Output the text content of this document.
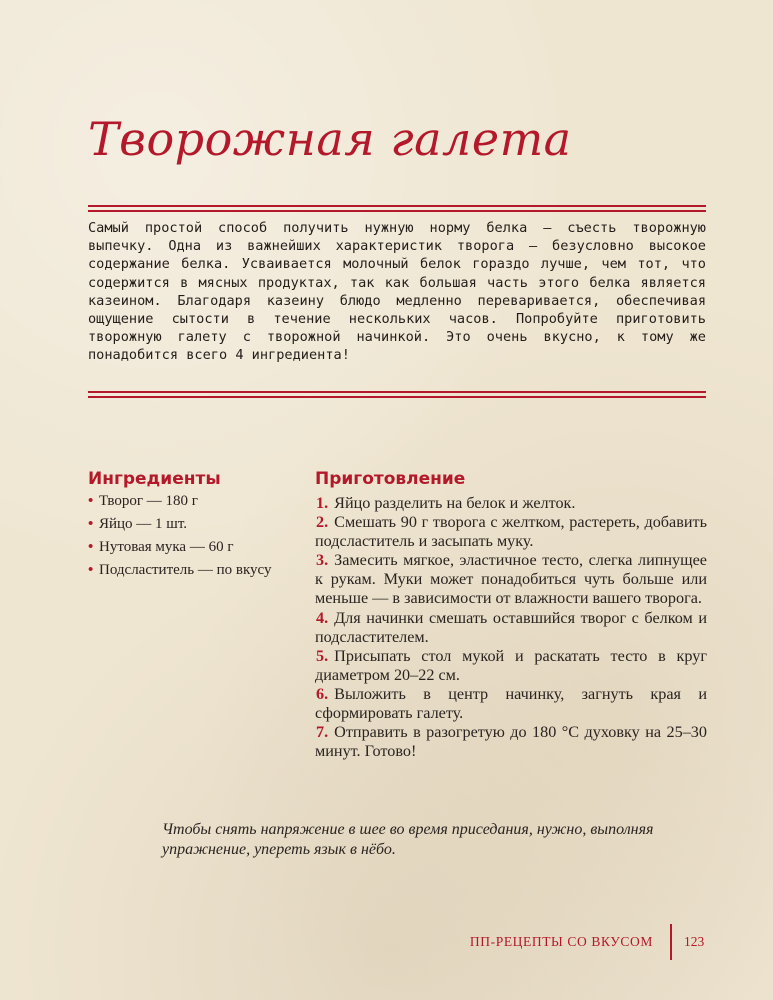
Творожная галета

Самый простой способ получить нужную норму белка — съесть творожную выпечку. Одна из важнейших характеристик творога — безусловно высокое содержание белка. Усваивается молочный белок гораздо лучше, чем тот, что содержится в мясных продуктах, так как большая часть этого белка является казеином. Благодаря казеину блюдо медленно переваривается, обеспечивая ощущение сытости в течение нескольких часов. Попробуйте приготовить творожную галету с творожной начинкой. Это очень вкусно, к тому же понадобится всего 4 ингредиента!

Ингредиенты
• Творог — 180 г
• Яйцо — 1 шт.
• Нутовая мука — 60 г
• Подсластитель — по вкусу
Приготовление

1. Яйцо разделить на белок и желток.

2. Смешать 90 г творога с желтком, растереть, добавить подсластитель и засыпать муку.

3. Замесить мягкое, эластичное тесто, слегка липнущее к рукам. Муки может понадобиться чуть больше или меньше — в зависимости от влажности вашего творога.

4. Для начинки смешать оставшийся творог с белком и подсластителем.

5. Присыпать стол мукой и раскатать тесто в круг диаметром 20–22 см.

6. Выложить в центр начинку, загнуть края и сформировать галету.

7. Отправить в разогретую до 180 °С духовку на 25–30 минут. Готово!

Чтобы снять напряжение в шее во время приседания, нужно, выполняя упражнение, упереть язык в нёбо.

ПП-РЕЦЕПТЫ СО ВКУСОМ 123
